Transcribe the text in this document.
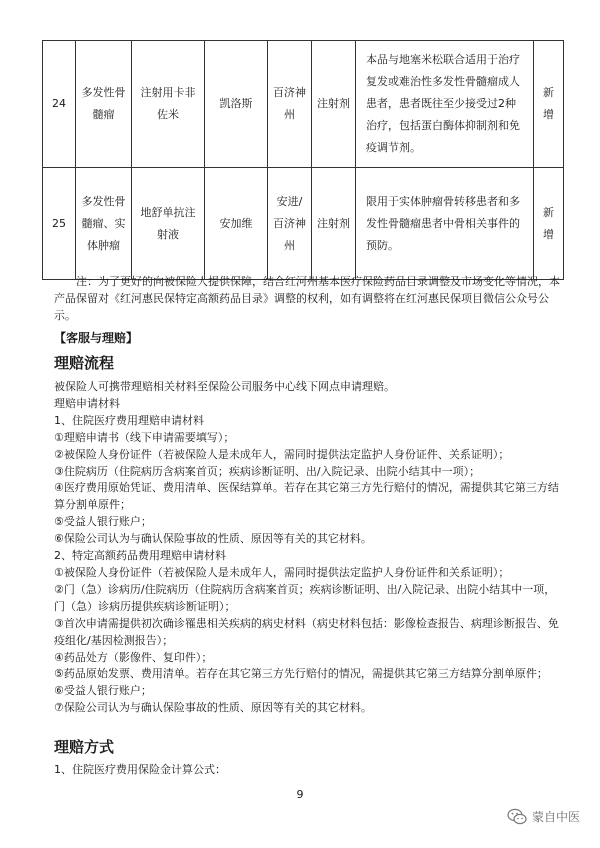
24	多发性骨髓瘤	注射用卡非佐米	凯洛斯	百济神州	注射剂	本品与地塞米松联合适用于治疗复发或难治性多发性骨髓瘤成人患者，患者既往至少接受过2种治疗，包括蛋白酶体抑制剂和免疫调节剂。	新增
25	多发性骨髓瘤、实体肿瘤	地舒单抗注射液	安加维	安进/百济神州	注射剂	限用于实体肿瘤骨转移患者和多发性骨髓瘤患者中骨相关事件的预防。	新增

注：为了更好的向被保险人提供保障，结合红河州基本医疗保险药品目录调整及市场变化等情况，本产品保留对《红河惠民保特定高额药品目录》调整的权利，如有调整将在红河惠民保项目微信公众号公示。

【客服与理赔】

理赔流程

被保险人可携带理赔相关材料至保险公司服务中心线下网点申请理赔。

理赔申请材料

1、住院医疗费用理赔申请材料

①理赔申请书（线下申请需要填写）；

②被保险人身份证件（若被保险人是未成年人，需同时提供法定监护人身份证件、关系证明）；

③住院病历（住院病历含病案首页；疾病诊断证明、出/入院记录、出院小结其中一项）；

④医疗费用原始凭证、费用清单、医保结算单。若存在其它第三方先行赔付的情况，需提供其它第三方结算分割单原件；

⑤受益人银行账户；

⑥保险公司认为与确认保险事故的性质、原因等有关的其它材料。

2、特定高额药品费用理赔申请材料

①被保险人身份证件（若被保险人是未成年人，需同时提供法定监护人身份证件和关系证明）；

②门（急）诊病历/住院病历（住院病历含病案首页；疾病诊断证明、出/入院记录、出院小结其中一项，门（急）诊病历提供疾病诊断证明）；

③首次申请需提供初次确诊罹患相关疾病的病史材料（病史材料包括：影像检查报告、病理诊断报告、免疫组化/基因检测报告）；

④药品处方（影像件、复印件）；

⑤药品原始发票、费用清单。若存在其它第三方先行赔付的情况，需提供其它第三方结算分割单原件；

⑥受益人银行账户；

⑦保险公司认为与确认保险事故的性质、原因等有关的其它材料。

理赔方式

1、住院医疗费用保险金计算公式：

9

蒙自中医
